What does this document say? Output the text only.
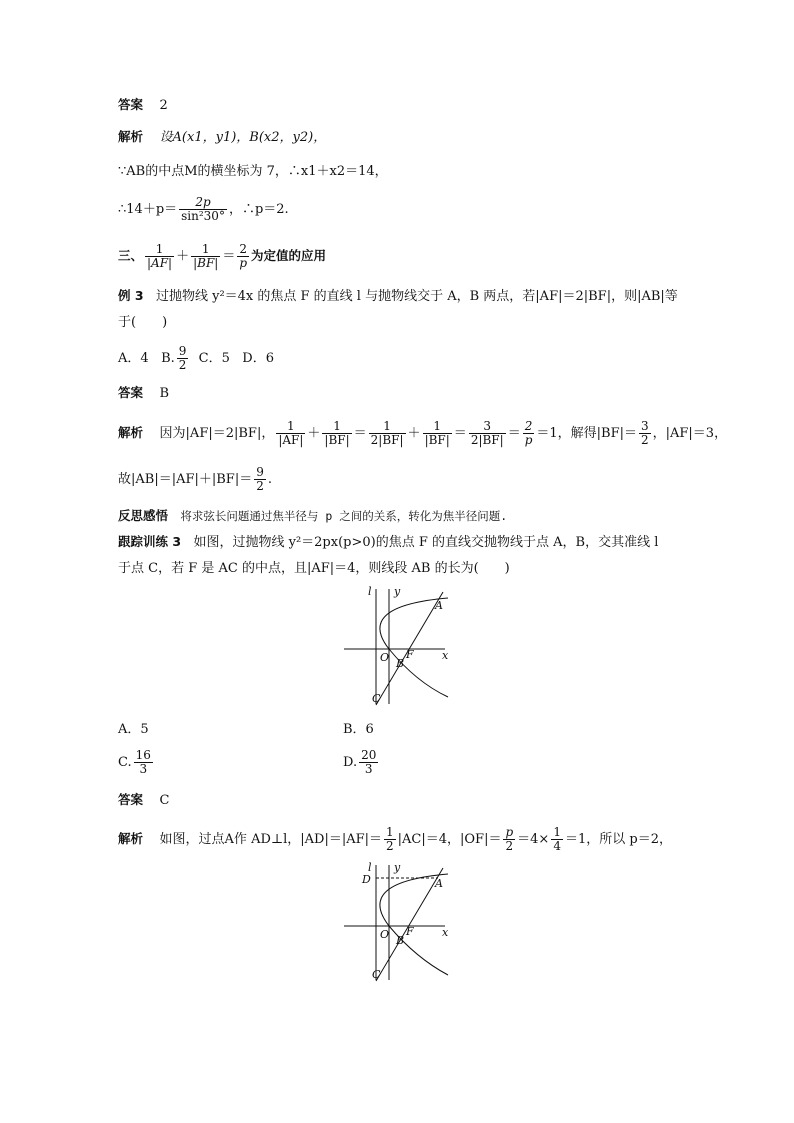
答案 2
解析 设A(x1，y1)，B(x2，y2)，
∵AB的中点M的横坐标为 7，∴x1＋x2＝14，
∴14＋p＝ $\frac{2p}{\text{sin²30°}}$ ，∴p＝2.
三、 $\frac{1}{|AF|} + \frac{1}{|BF|} = \frac{2}{p}$ 为定值的应用
例 3 过抛物线 y²＝4x 的焦点 F 的直线 l 与抛物线交于 A，B 两点，若|AF|＝2|BF|，则|AB|等
于(　　)
A．4 B. $\frac{9}{2}$ C．5 D．6
答案 B
解析 因为|AF|＝2|BF|， $\frac{1}{|AF|} + \frac{1}{|BF|} = \frac{1}{2|BF|} + \frac{1}{|BF|} = \frac{3}{2|BF|} = \frac{2}{p} =1$，解得$|BF|= \frac{3}{2}$ ，|AF|＝3，
故$|AB|=|AF|+|BF|= \frac{9}{2}$ .
反思感悟 将求弦长问题通过焦半径与 p 之间的关系，转化为焦半径问题.
跟踪训练 3 如图，过抛物线 y²＝2px(p>0)的焦点 F 的直线交抛物线于点 A，B，交其准线 l
于点 C，若 F 是 AC 的中点，且|AF|＝4，则线段 AB 的长为(　　)
l y
x
A
O F
B
C
A．5	B．6
C. $\frac{16}{3}$	D. $\frac{20}{3}$
答案 C
解析 如图，过点A作 AD⊥l，$|AD|=|AF|= \frac{1}{2} |AC|=4$，$|OF|= \frac{p}{2} =4\times \frac{1}{4} =1$，所以 p＝2，
l y
D
x
A
O F
B
C
